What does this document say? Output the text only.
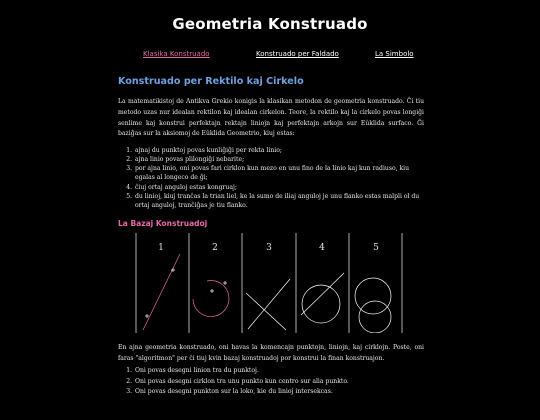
Geometria Konstruado
Klasika Konstruado	Konstruado per Faldado	La Simbolo
Konstruado per Rektilo kaj Cirkelo

La matematikistoj de Antikva Grekio konigis la klasikan metodon de geometria konstruado. Ĉi tiu metodo uzas nur idealan rektilon kaj idealan cirkelon. Teore, la rektilo kaj la cirkelo povas longiĝi senlime kaj konstrui perfektajn rektajn liniojn kaj perfektajn arkojn sur Eŭklida surfaco. Ĝi baziĝas sur la aksiomoj de Eŭklida Geometrio, kiuj estas:

1. ajnaj du punktoj povas kunliĝiĝi per rekta linio;
2. ajna linio povas plilongiĝi nebarite;
3. por ajna linio, oni povas fari cirklon kun mezo en unu fino de la linio kaj kun radiuso, kiu egalas al longeco de ĝi;
4. ĉiuj ortaj anguloj estas kongruaj;
5. du linioj, kiuj tranĉas la trian liel, ke la sumo de iliaj anguloj je unu flanko estas malpli ol du ortaj anguloj, tranĉiĝas je tiu flanko.
La Bazaj Konstruadoj
1	2	3	4	5

En ajna geometria konstruado, oni havas la komencajn punktojn, liniojn, kaj cirklojn. Poste, oni faras "algoritmon" per ĉi tiuj kvin bazaj konstruadoj por konstrui la finan konstruajon.

1. Oni povas desegni linion tra du punktoj.
2. Oni povas desegni cirklon tra unu punkto kun centro sur alia punkto.
3. Oni povas desegni punkton sur la loko, kie du linioj intersekcas.
